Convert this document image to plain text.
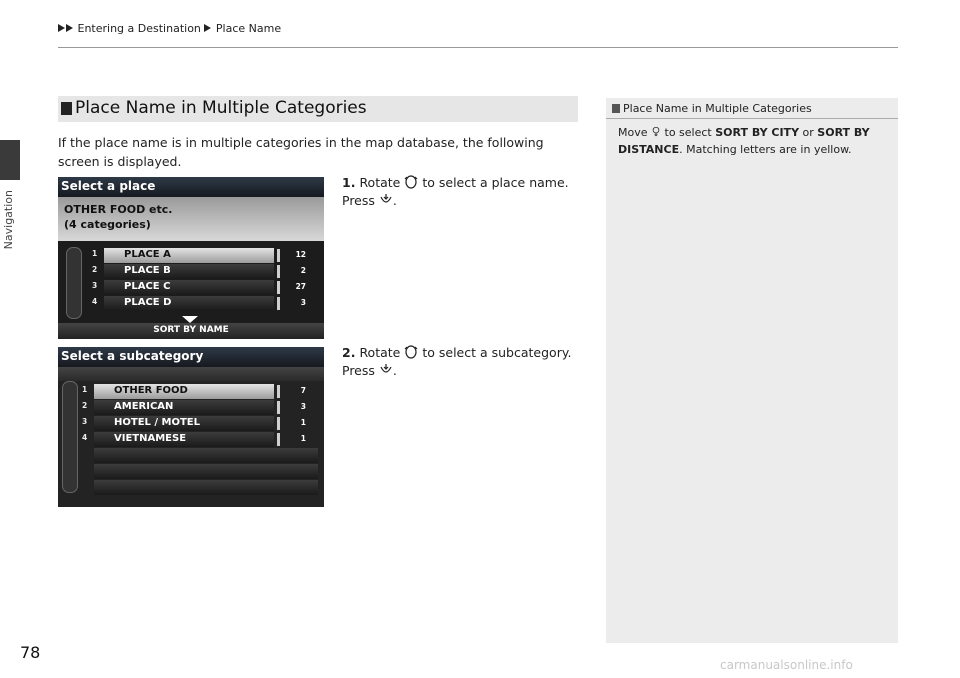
Navigation
Entering a Destination Place Name
Place Name in Multiple Categories
If the place name is in multiple categories in the map database, the following screen is displayed.
Select a place
OTHER FOOD etc.
(4 categories)
1	PLACE A	12
2	PLACE B	2
3	PLACE C	27
4	PLACE D	3
SORT BY NAME
Select a subcategory
1	OTHER FOOD	7
2	AMERICAN	3
3	HOTEL / MOTEL	1
4	VIETNAMESE	1
1. Rotate to select a place name.
Press .
2. Rotate to select a subcategory.
Press .
Place Name in Multiple Categories
Move to select SORT BY CITY or SORT BY DISTANCE. Matching letters are in yellow.
78
carmanualsonline.info
